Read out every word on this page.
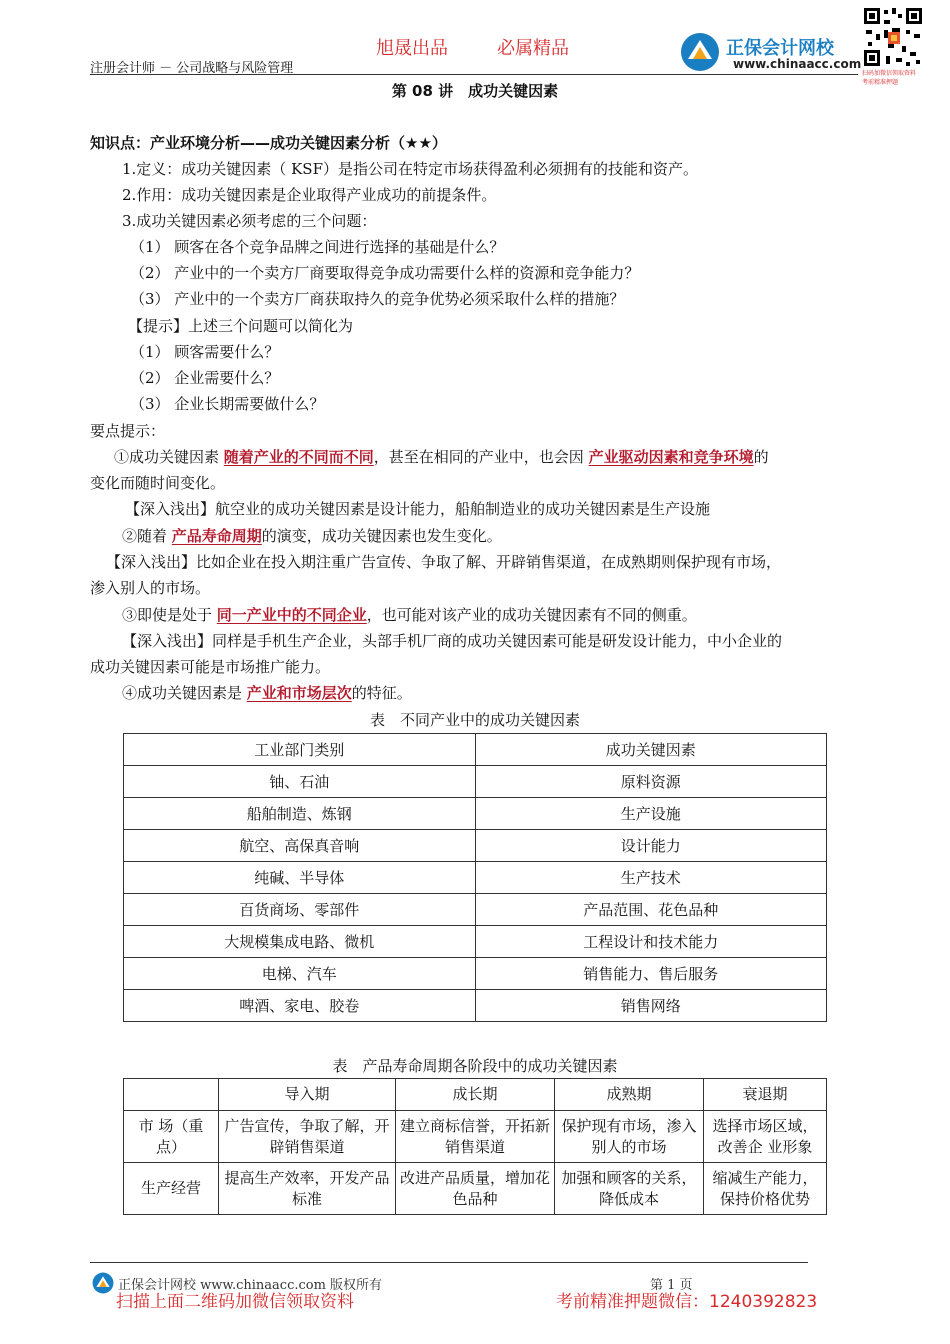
旭晟出品	必属精品
注册会计师 － 公司战略与风险管理
正保会计网校
www.chinaacc.com
扫码加微信领取资料
考前精准押题
第 08 讲　成功关键因素
知识点：产业环境分析——成功关键因素分析（★★）
1.定义：成功关键因素（ KSF）是指公司在特定市场获得盈利必须拥有的技能和资产。
2.作用：成功关键因素是企业取得产业成功的前提条件。
3.成功关键因素必须考虑的三个问题：
（1） 顾客在各个竞争品牌之间进行选择的基础是什么？
（2） 产业中的一个卖方厂商要取得竞争成功需要什么样的资源和竞争能力？
（3） 产业中的一个卖方厂商获取持久的竞争优势必须采取什么样的措施？
【提示】上述三个问题可以简化为
（1） 顾客需要什么？
（2） 企业需要什么？
（3） 企业长期需要做什么？
要点提示：
①成功关键因素 随着产业的不同而不同，甚至在相同的产业中，也会因 产业驱动因素和竞争环境的
变化而随时间变化。
【深入浅出】航空业的成功关键因素是设计能力，船舶制造业的成功关键因素是生产设施
②随着 产品寿命周期的演变，成功关键因素也发生变化。
【深入浅出】比如企业在投入期注重广告宣传、争取了解、开辟销售渠道，在成熟期则保护现有市场，
渗入别人的市场。
③即使是处于 同一产业中的不同企业，也可能对该产业的成功关键因素有不同的侧重。
【深入浅出】同样是手机生产企业，头部手机厂商的成功关键因素可能是研发设计能力，中小企业的
成功关键因素可能是市场推广能力。
④成功关键因素是 产业和市场层次的特征。
表　不同产业中的成功关键因素
工业部门类别	成功关键因素
铀、石油	原料资源
船舶制造、炼钢	生产设施
航空、高保真音响	设计能力
纯碱、半导体	生产技术
百货商场、零部件	产品范围、花色品种
大规模集成电路、微机	工程设计和技术能力
电梯、汽车	销售能力、售后服务
啤酒、家电、胶卷	销售网络
表　产品寿命周期各阶段中的成功关键因素
	导入期	成长期	成熟期	衰退期
市 场（重点）	广告宣传，争取了解，开辟销售渠道	建立商标信誉，开拓新销售渠道	保护现有市场，渗入别人的市场	选择市场区域，改善企 业形象
生产经营	提高生产效率，开发产品标准	改进产品质量，增加花色品种	加强和顾客的关系，降低成本	缩减生产能力，保持价格优势
正保会计网校 www.chinaacc.com 版权所有	第 1 页
扫描上面二维码加微信领取资料	考前精准押题微信：1240392823
